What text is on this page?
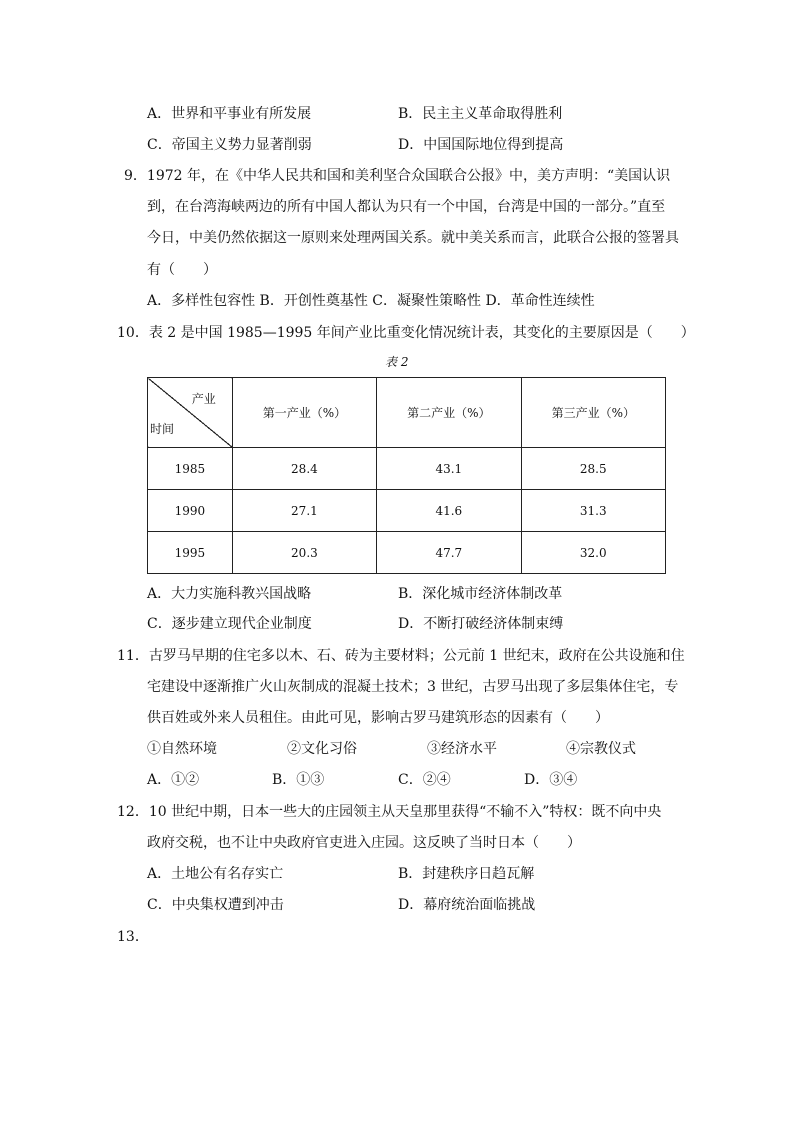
A．世界和平事业有所发展	B．民主主义革命取得胜利
C．帝国主义势力显著削弱	D．中国国际地位得到提高
9．1972 年，在《中华人民共和国和美利坚合众国联合公报》中，美方声明：“美国认识
到，在台湾海峡两边的所有中国人都认为只有一个中国，台湾是中国的一部分。”直至
今日，中美仍然依据这一原则来处理两国关系。就中美关系而言，此联合公报的签署具
有（　　）
A．多样性包容性 B．开创性奠基性 C．凝聚性策略性 D．革命性连续性
10．表 2 是中国 1985—1995 年间产业比重变化情况统计表，其变化的主要原因是（　　）
表 2
产业
时间	第一产业（%）	第二产业（%）	第三产业（%）
1985	28.4	43.1	28.5
1990	27.1	41.6	31.3
1995	20.3	47.7	32.0
A．大力实施科教兴国战略	B．深化城市经济体制改革
C．逐步建立现代企业制度	D．不断打破经济体制束缚
11．古罗马早期的住宅多以木、石、砖为主要材料；公元前 1 世纪末，政府在公共设施和住
宅建设中逐渐推广火山灰制成的混凝土技术；3 世纪，古罗马出现了多层集体住宅，专
供百姓或外来人员租住。由此可见，影响古罗马建筑形态的因素有（　　）
①自然环境	②文化习俗	③经济水平	④宗教仪式
A．①②	B．①③	C．②④	D．③④
12．10 世纪中期，日本一些大的庄园领主从天皇那里获得“不输不入”特权：既不向中央
政府交税，也不让中央政府官吏进入庄园。这反映了当时日本（　　）
A．土地公有名存实亡	B．封建秩序日趋瓦解
C．中央集权遭到冲击	D．幕府统治面临挑战
13．
